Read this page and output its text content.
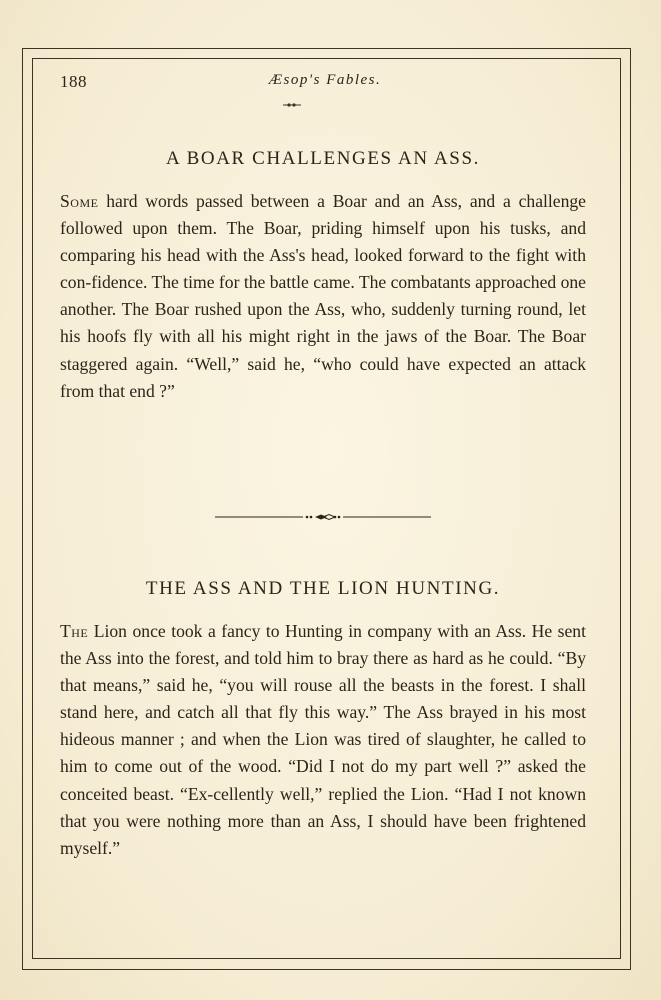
188	Æsop's Fables.
A BOAR CHALLENGES AN ASS.

Some hard words passed between a Boar and an Ass, and a challenge followed upon them. The Boar, priding himself upon his tusks, and comparing his head with the Ass's head, looked forward to the fight with con-fidence. The time for the battle came. The combatants approached one another. The Boar rushed upon the Ass, who, suddenly turning round, let his hoofs fly with all his might right in the jaws of the Boar. The Boar staggered again. “Well,” said he, “who could have expected an attack from that end ?”

THE ASS AND THE LION HUNTING.

The Lion once took a fancy to Hunting in company with an Ass. He sent the Ass into the forest, and told him to bray there as hard as he could. “By that means,” said he, “you will rouse all the beasts in the forest. I shall stand here, and catch all that fly this way.” The Ass brayed in his most hideous manner ; and when the Lion was tired of slaughter, he called to him to come out of the wood. “Did I not do my part well ?” asked the conceited beast. “Ex-cellently well,” replied the Lion. “Had I not known that you were nothing more than an Ass, I should have been frightened myself.”
